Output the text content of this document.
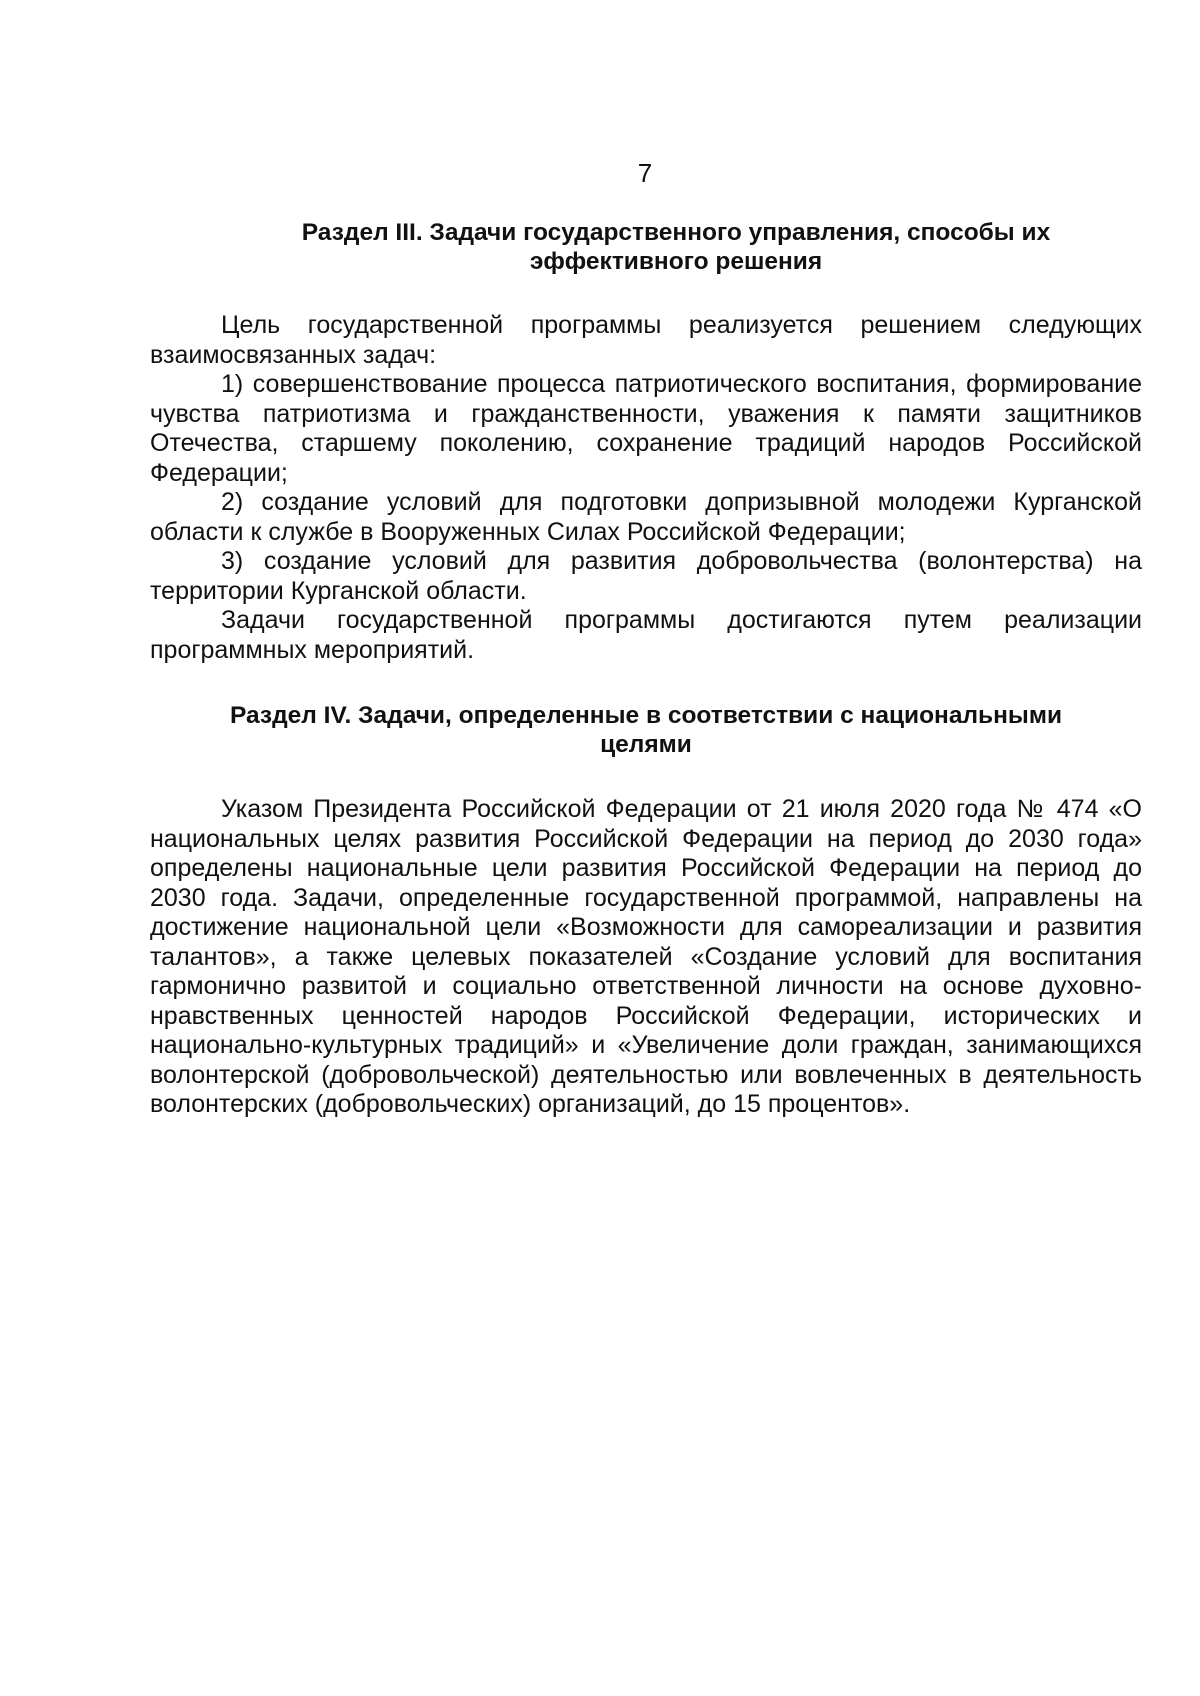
7
Раздел III. Задачи государственного управления, способы их
эффективного решения

Цель государственной программы реализуется решением следующих взаимосвязанных задач:

1) совершенствование процесса патриотического воспитания, формирование чувства патриотизма и гражданственности, уважения к памяти защитников Отечества, старшему поколению, сохранение традиций народов Российской Федерации;

2) создание условий для подготовки допризывной молодежи Курганской области к службе в Вооруженных Силах Российской Федерации;

3) создание условий для развития добровольчества (волонтерства) на территории Курганской области.

Задачи государственной программы достигаются путем реализации программных мероприятий.

Раздел IV. Задачи, определенные в соответствии с национальными
целями

Указом Президента Российской Федерации от 21 июля 2020 года № 474 «О национальных целях развития Российской Федерации на период до 2030 года» определены национальные цели развития Российской Федерации на период до 2030 года. Задачи, определенные государственной программой, направлены на достижение национальной цели «Возможности для самореализации и развития талантов», а также целевых показателей «Создание условий для воспитания гармонично развитой и социально ответственной личности на основе духовно-нравственных ценностей народов Российской Федерации, исторических и национально-культурных традиций» и «Увеличение доли граждан, занимающихся волонтерской (добровольческой) деятельностью или вовлеченных в деятельность волонтерских (добровольческих) организаций, до 15 процентов».
